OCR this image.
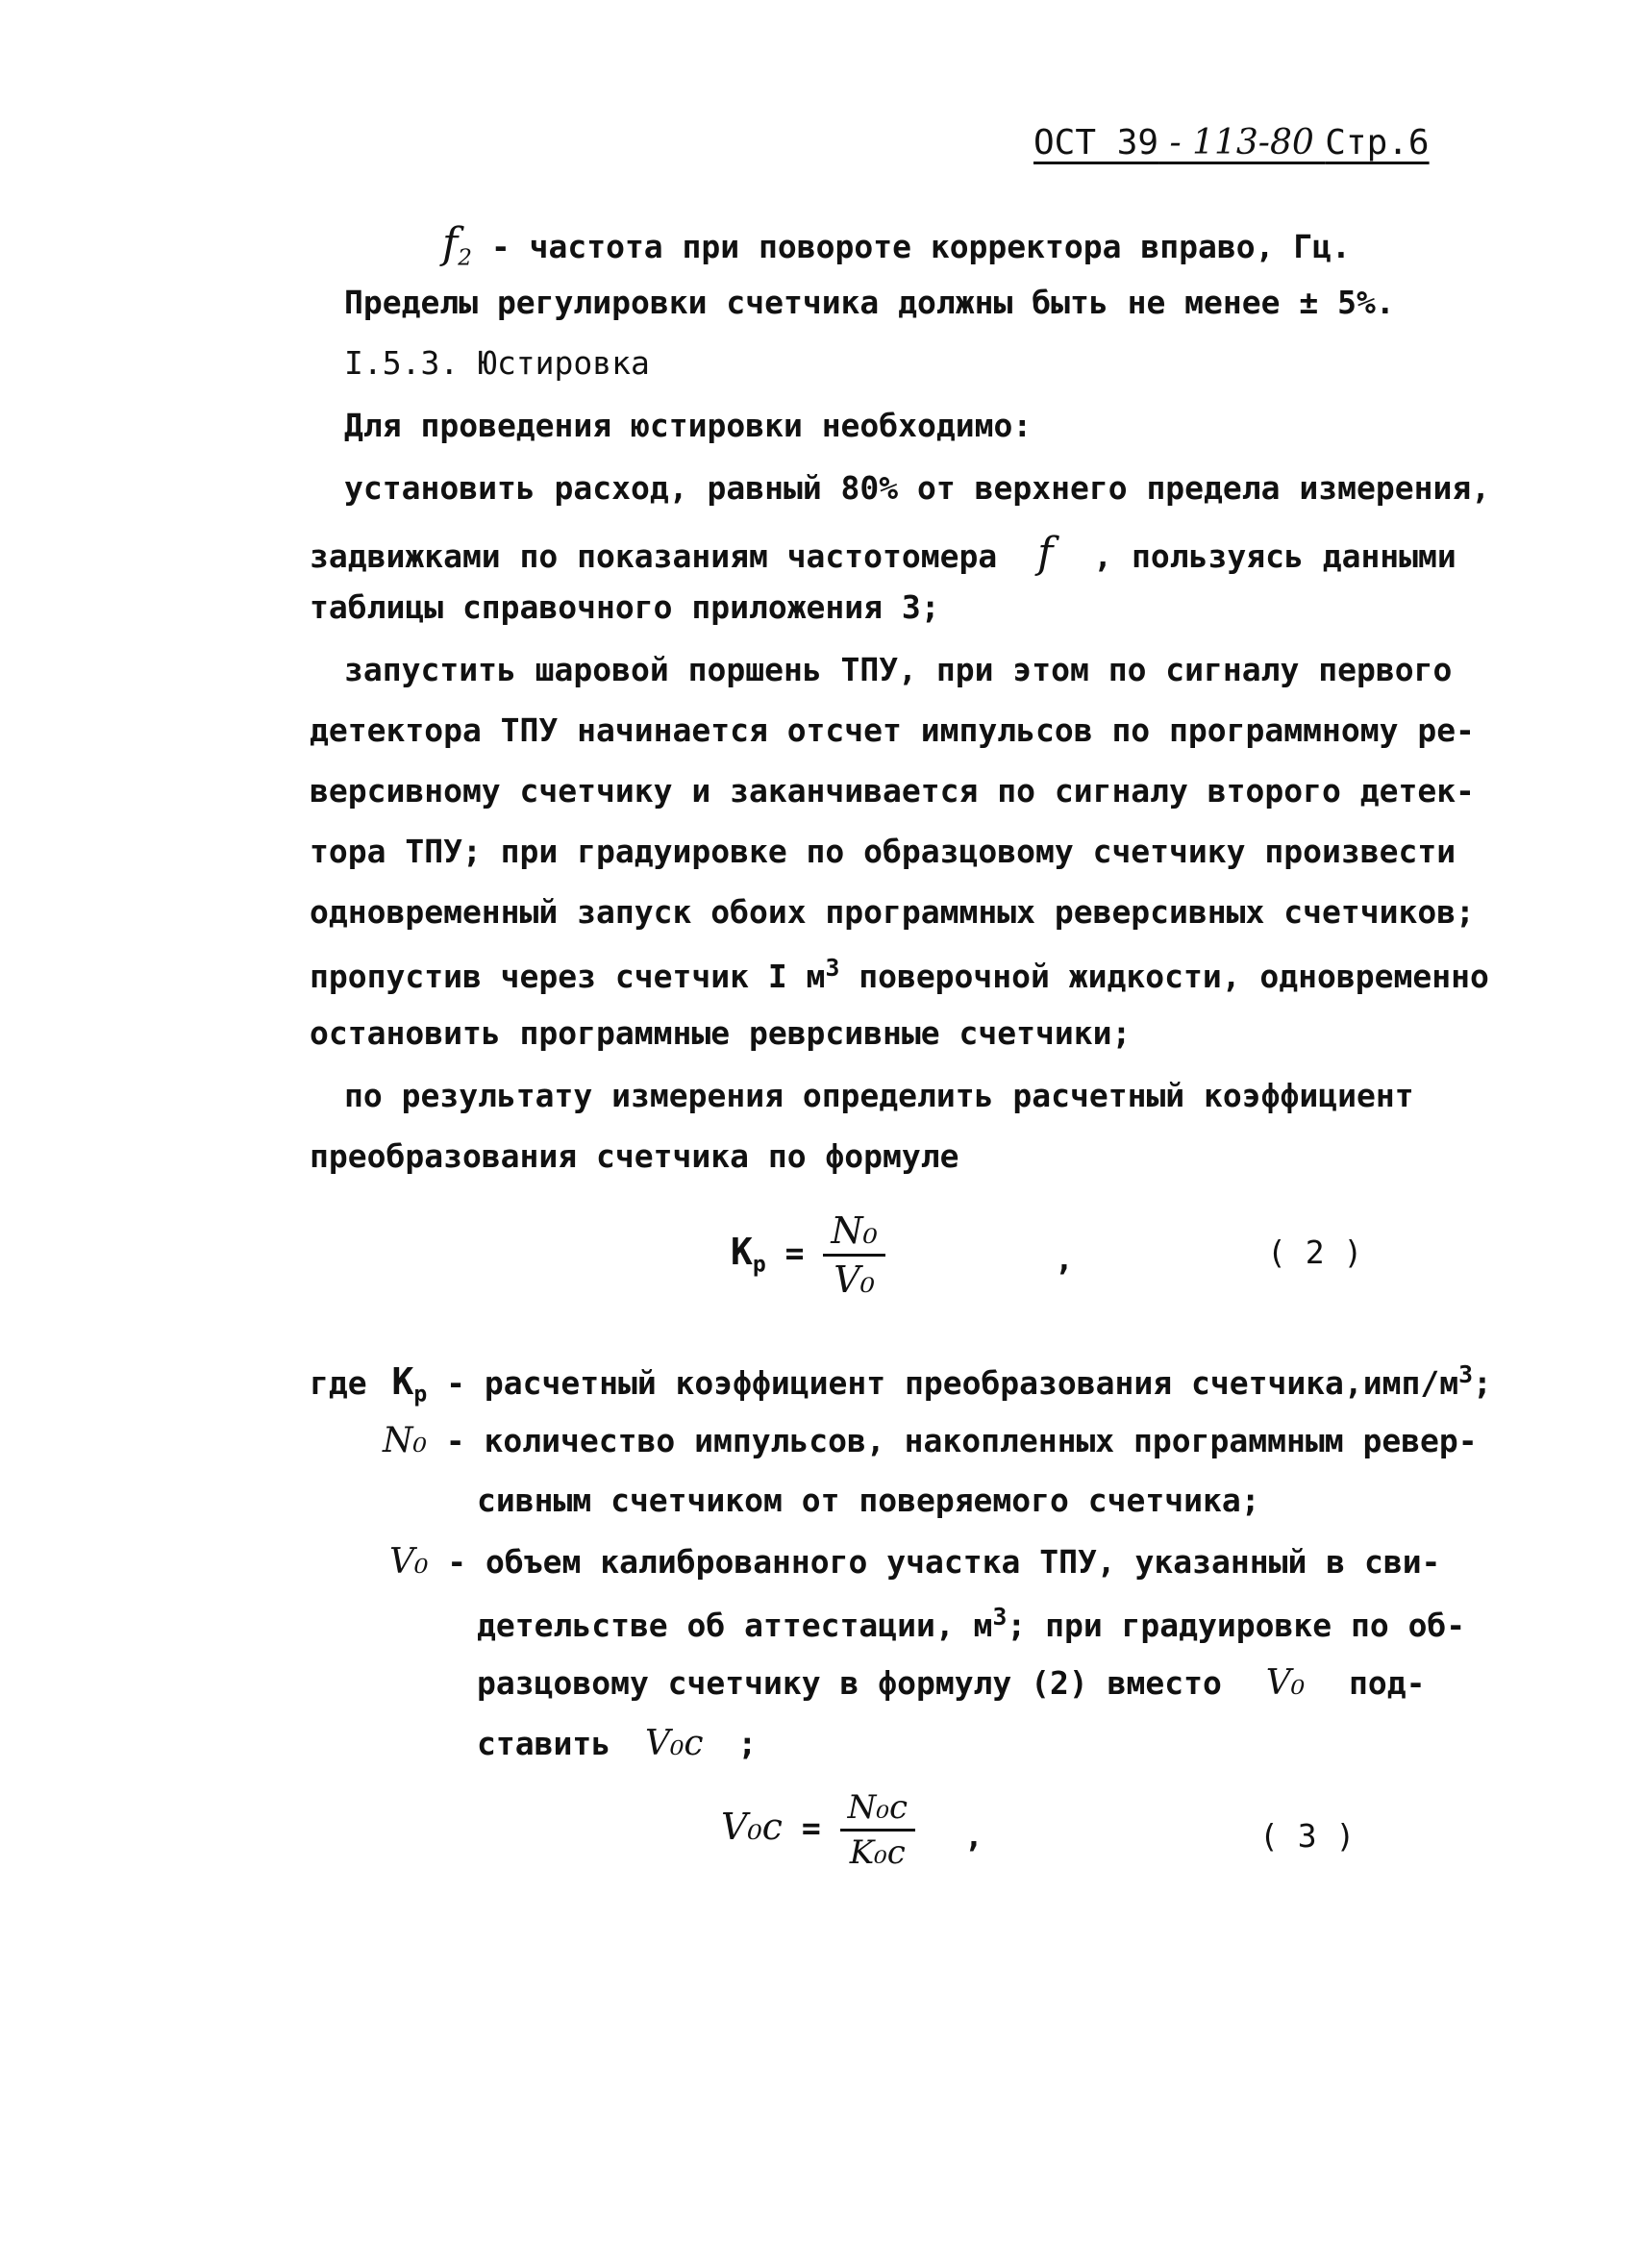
ОСТ 39 - 113-80 Стр.6
$f_2$ - частота при повороте корректора вправо, Гц.
Пределы регулировки счетчика должны быть не менее ± 5%.
I.5.3. Юстировка
Для проведения юстировки необходимо:
установить расход, равный 80% от верхнего предела измерения,
задвижками по показаниям частотомера f , пользуясь данными
таблицы справочного приложения 3;
запустить шаровой поршень ТПУ, при этом по сигналу первого
детектора ТПУ начинается отсчет импульсов по программному ре-
версивному счетчику и заканчивается по сигналу второго детек-
тора ТПУ; при градуировке по образцовому счетчику произвести
одновременный запуск обоих программных реверсивных счетчиков;
пропустив через счетчик I $м^3$ поверочной жидкости, одновременно
остановить программные реврсивные счетчики;
по результату измерения определить расчетный коэффициент
преобразования счетчика по формуле
$К_р = \frac{\text{N₀}}{\text{V₀}}$	,	( 2 )
где $К_р$ - расчетный коэффициент преобразования $счетчика,имп/м^3$;
N₀ - количество импульсов, накопленных программным ревер-
сивным счетчиком от поверяемого счетчика;
V₀ - объем калиброванного участка ТПУ, указанный в сви-
детельстве об аттестации, $м^3$; при градуировке по об-
разцовому счетчику в формулу (2) вместо V₀ под-
ставить V₀с ;
$V_0с = \frac{\text{N₀с}}{\text{K₀с}}$ ,	( 3 )
